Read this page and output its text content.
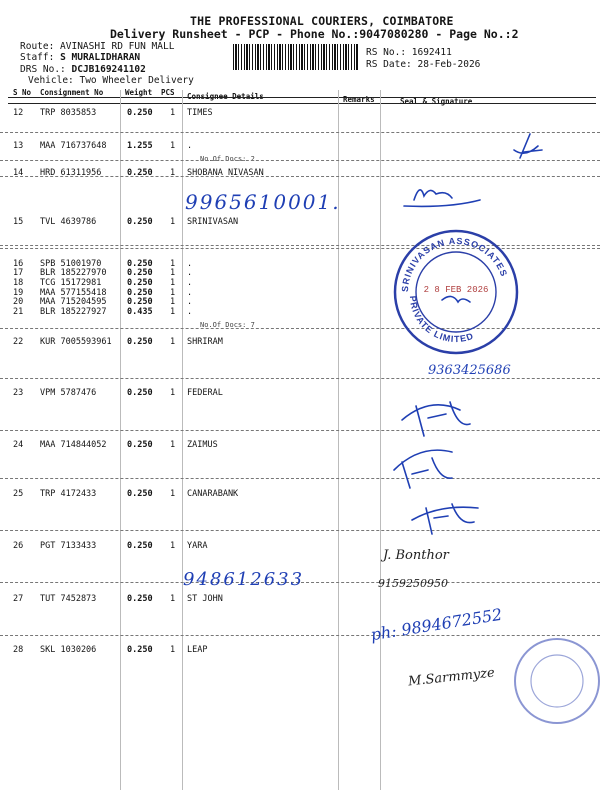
THE PROFESSIONAL COURIERS, COIMBATORE
Delivery Runsheet - PCP - Phone No.:9047080280 - Page No.:2
Route: AVINASHI RD FUN MALL
Staff: S MURALIDHARAN
DRS No.: DCJB169241102
Vehicle: Two Wheeler Delivery
RS No.: 1692411
RS Date: 28-Feb-2026
S No Consignment No	Weight PCS Consignee Details	Remarks	Seal & Signature
12 TRP 8035853	0.250 1 TIMES
13 MAA 716737648 1.255 1 .
No.Of Docs: 2
14 HRD 61311956	0.250 1 SHOBANA NIVASAN
15 TVL 4639786	0.250 1 SRINIVASAN
16 SPB 51001970	0.250 1 .
17 BLR 185227970 0.250 1 .
18 TCG 15172981	0.250 1 .
19 MAA 577155418 0.250 1 .
20 MAA 715204595 0.250 1 .
21 BLR 185227927 0.435 1 .
No.Of Docs: 7
22 KUR 7005593961 0.250 1 SHRIRAM
23 VPM 5787476	0.250 1 FEDERAL
24 MAA 714844052 0.250 1 ZAIMUS
25 TRP 4172433	0.250 1 CANARABANK
26 PGT 7133433	0.250 1 YARA
27 TUT 7452873	0.250 1 ST JOHN
28 SKL 1030206	0.250 1 LEAP
9965610001.
9363425686
948612633
J. Bonthor
9159250950
ph: 9894672552
M.Sarmmyze
SRINIVASAN ASSOCIATES
PRIVATE LIMITED
2 8 FEB 2026
